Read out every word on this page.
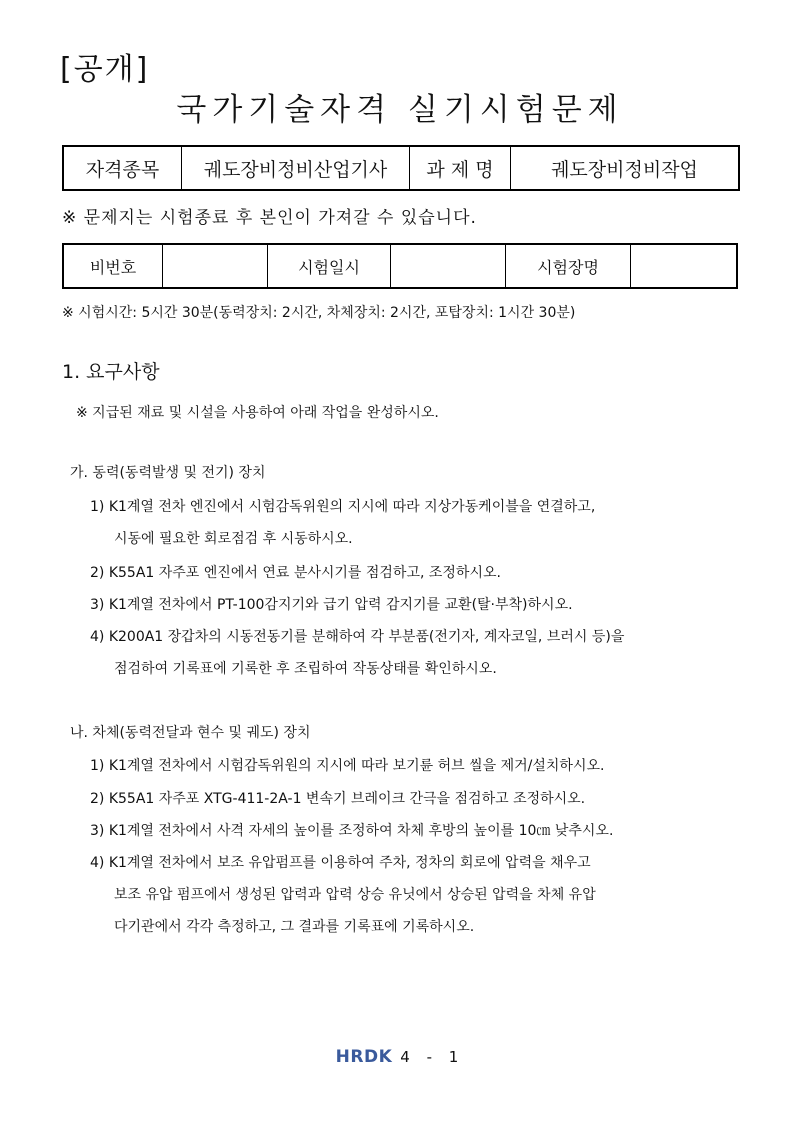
[공개]
국가기술자격 실기시험문제
자격종목	궤도장비정비산업기사	과 제 명	궤도장비정비작업
※ 문제지는 시험종료 후 본인이 가져갈 수 있습니다.
비번호		시험일시		시험장명	
※ 시험시간: 5시간 30분(동력장치: 2시간, 차체장치: 2시간, 포탑장치: 1시간 30분)
1. 요구사항
※ 지급된 재료 및 시설을 사용하여 아래 작업을 완성하시오.
가. 동력(동력발생 및 전기) 장치
1) K1계열 전차 엔진에서 시험감독위원의 지시에 따라 지상가동케이블을 연결하고,
시동에 필요한 회로점검 후 시동하시오.
2) K55A1 자주포 엔진에서 연료 분사시기를 점검하고, 조정하시오.
3) K1계열 전차에서 PT-100감지기와 급기 압력 감지기를 교환(탈·부착)하시오.
4) K200A1 장갑차의 시동전동기를 분해하여 각 부분품(전기자, 계자코일, 브러시 등)을
점검하여 기록표에 기록한 후 조립하여 작동상태를 확인하시오.
나. 차체(동력전달과 현수 및 궤도) 장치
1) K1계열 전차에서 시험감독위원의 지시에 따라 보기륜 허브 씰을 제거/설치하시오.
2) K55A1 자주포 XTG-411-2A-1 변속기 브레이크 간극을 점검하고 조정하시오.
3) K1계열 전차에서 사격 자세의 높이를 조정하여 차체 후방의 높이를 10㎝ 낮추시오.
4) K1계열 전차에서 보조 유압펌프를 이용하여 주차, 정차의 회로에 압력을 채우고
보조 유압 펌프에서 생성된 압력과 압력 상승 유닛에서 상승된 압력을 차체 유압
다기관에서 각각 측정하고, 그 결과를 기록표에 기록하시오.
HRDK 4 - 1
